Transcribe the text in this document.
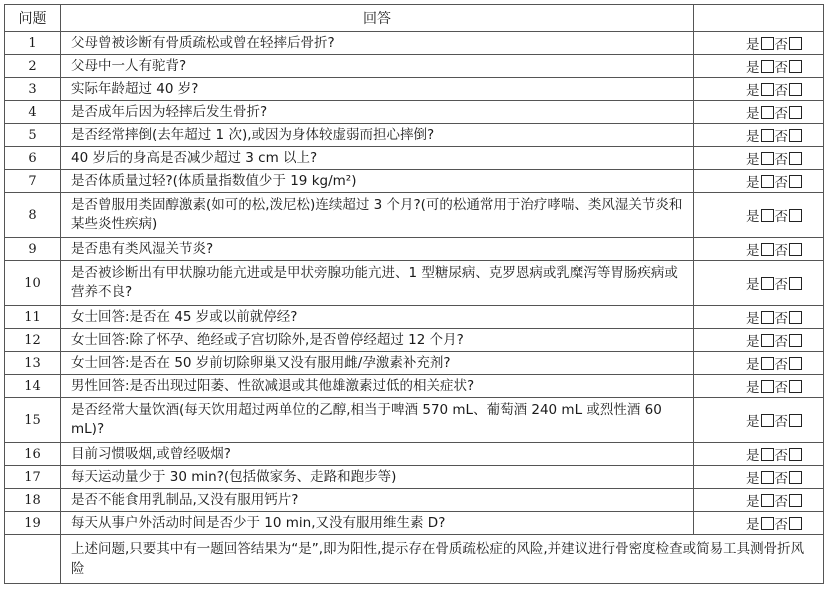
问题	回答	
1	父母曾被诊断有骨质疏松或曾在轻摔后骨折?	是 否
2	父母中一人有驼背?	是 否
3	实际年龄超过 40 岁?	是 否
4	是否成年后因为轻摔后发生骨折?	是 否
5	是否经常摔倒(去年超过 1 次),或因为身体较虚弱而担心摔倒?	是 否
6	40 岁后的身高是否减少超过 3 cm 以上?	是 否
7	是否体质量过轻?(体质量指数值少于 19 kg/m²)	是 否
8	是否曾服用类固醇激素(如可的松,泼尼松)连续超过 3 个月?(可的松通常用于治疗哮喘、类风湿关节炎和某些炎性疾病)	是 否
9	是否患有类风湿关节炎?	是 否
10	是否被诊断出有甲状腺功能亢进或是甲状旁腺功能亢进、1 型糖尿病、克罗恩病或乳糜泻等胃肠疾病或营养不良?	是 否
11	女士回答:是否在 45 岁或以前就停经?	是 否
12	女士回答:除了怀孕、绝经或子宫切除外,是否曾停经超过 12 个月?	是 否
13	女士回答:是否在 50 岁前切除卵巢又没有服用雌/孕激素补充剂?	是 否
14	男性回答:是否出现过阳萎、性欲减退或其他雄激素过低的相关症状?	是 否
15	是否经常大量饮酒(每天饮用超过两单位的乙醇,相当于啤酒 570 mL、葡萄酒 240 mL 或烈性酒 60 mL)?	是 否
16	目前习惯吸烟,或曾经吸烟?	是 否
17	每天运动量少于 30 min?(包括做家务、走路和跑步等)	是 否
18	是否不能食用乳制品,又没有服用钙片?	是 否
19	每天从事户外活动时间是否少于 10 min,又没有服用维生素 D?	是 否
	上述问题,只要其中有一题回答结果为“是”,即为阳性,提示存在骨质疏松症的风险,并建议进行骨密度检查或简易工具测骨折风险	
